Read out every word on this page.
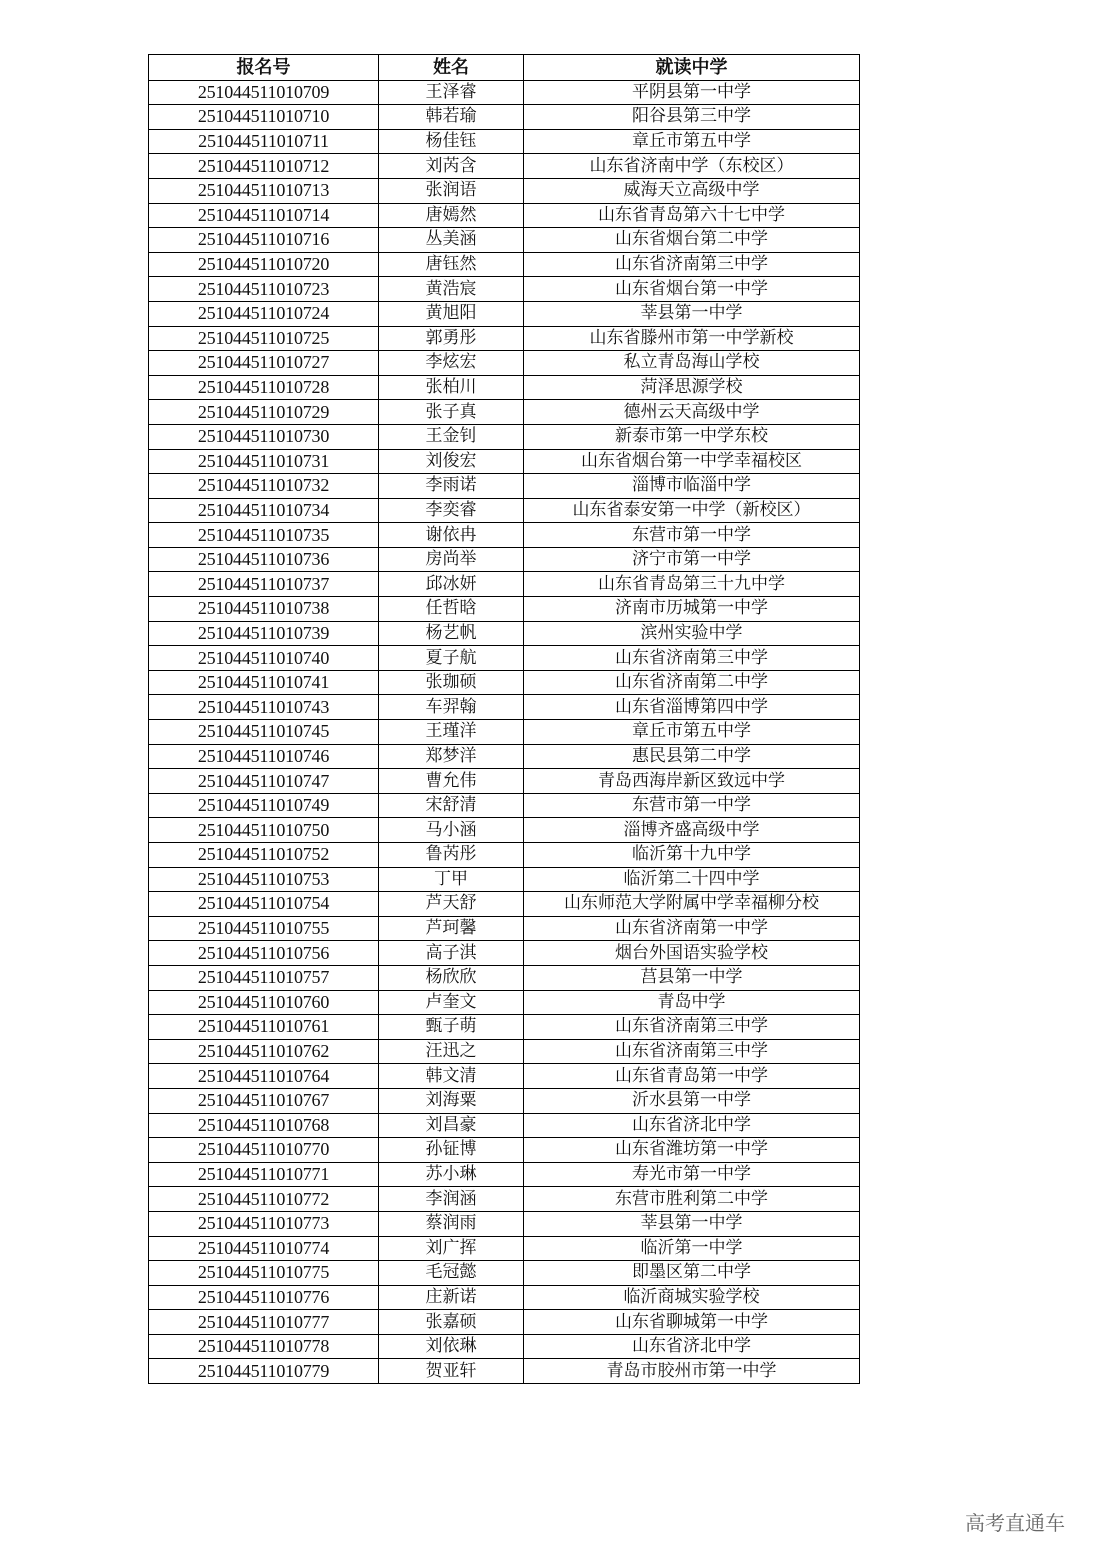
报名号	姓名	就读中学
251044511010709	王泽睿	平阴县第一中学
251044511010710	韩若瑜	阳谷县第三中学
251044511010711	杨佳钰	章丘市第五中学
251044511010712	刘芮含	山东省济南中学（东校区）
251044511010713	张润语	威海天立高级中学
251044511010714	唐嫣然	山东省青岛第六十七中学
251044511010716	丛美涵	山东省烟台第二中学
251044511010720	唐钰然	山东省济南第三中学
251044511010723	黄浩宸	山东省烟台第一中学
251044511010724	黄旭阳	莘县第一中学
251044511010725	郭勇彤	山东省滕州市第一中学新校
251044511010727	李炫宏	私立青岛海山学校
251044511010728	张柏川	菏泽思源学校
251044511010729	张子真	德州云天高级中学
251044511010730	王金钊	新泰市第一中学东校
251044511010731	刘俊宏	山东省烟台第一中学幸福校区
251044511010732	李雨诺	淄博市临淄中学
251044511010734	李奕睿	山东省泰安第一中学（新校区）
251044511010735	谢依冉	东营市第一中学
251044511010736	房尚举	济宁市第一中学
251044511010737	邱冰妍	山东省青岛第三十九中学
251044511010738	任哲晗	济南市历城第一中学
251044511010739	杨艺帆	滨州实验中学
251044511010740	夏子航	山东省济南第三中学
251044511010741	张珈硕	山东省济南第二中学
251044511010743	车羿翰	山东省淄博第四中学
251044511010745	王瑾洋	章丘市第五中学
251044511010746	郑梦洋	惠民县第二中学
251044511010747	曹允伟	青岛西海岸新区致远中学
251044511010749	宋舒清	东营市第一中学
251044511010750	马小涵	淄博齐盛高级中学
251044511010752	鲁芮彤	临沂第十九中学
251044511010753	丁甲	临沂第二十四中学
251044511010754	芦天舒	山东师范大学附属中学幸福柳分校
251044511010755	芦珂馨	山东省济南第一中学
251044511010756	高子淇	烟台外国语实验学校
251044511010757	杨欣欣	莒县第一中学
251044511010760	卢奎文	青岛中学
251044511010761	甄子萌	山东省济南第三中学
251044511010762	汪迅之	山东省济南第三中学
251044511010764	韩文清	山东省青岛第一中学
251044511010767	刘海粟	沂水县第一中学
251044511010768	刘昌豪	山东省济北中学
251044511010770	孙钲博	山东省潍坊第一中学
251044511010771	苏小琳	寿光市第一中学
251044511010772	李润涵	东营市胜利第二中学
251044511010773	蔡润雨	莘县第一中学
251044511010774	刘广挥	临沂第一中学
251044511010775	毛冠懿	即墨区第二中学
251044511010776	庄新诺	临沂商城实验学校
251044511010777	张嘉硕	山东省聊城第一中学
251044511010778	刘依琳	山东省济北中学
251044511010779	贺亚轩	青岛市胶州市第一中学
高考直通车
